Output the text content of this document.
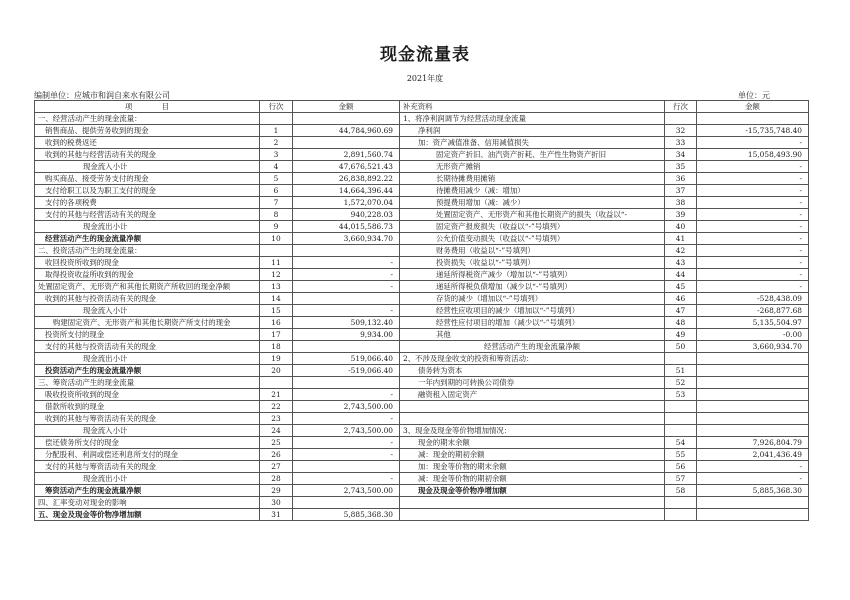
现金流量表
2021年度
编制单位：应城市和润自来水有限公司	单位：元
项　　　　目	行次	金额	补充资料	行次	金额
一、经营活动产生的现金流量：			1、将净利润调节为经营活动现金流量		
销售商品、提供劳务收到的现金	1	44,784,960.69	净利润	32	-15,735,748.40
收到的税费返还	2		加：资产减值准备、信用减值损失	33	-
收到的其他与经营活动有关的现金	3	2,891,560.74	固定资产折旧、油汽资产折耗、生产性生物资产折旧	34	15,058,493.90
现金流入小计	4	47,676,521.43	无形资产摊销	35	-
购买商品、接受劳务支付的现金	5	26,838,892.22	长期待摊费用摊销	36	-
支付给职工以及为职工支付的现金	6	14,664,396.44	待摊费用减少（减：增加）	37	-
支付的各项税费	7	1,572,070.04	预提费用增加（减：减少）	38	-
支付的其他与经营活动有关的现金	8	940,228.03	处置固定资产、无形资产和其他长期资产的损失（收益以“-	39	-
现金流出小计	9	44,015,586.73	固定资产报废损失（收益以“-”号填列）	40	-
经营活动产生的现金流量净额	10	3,660,934.70	公允价值变动损失（收益以“-”号填列）	41	-
二、投资活动产生的现金流量：			财务费用（收益以“-”号填列）	42	-
收回投资所收到的现金	11	-	投资损失（收益以“-”号填列）	43	-
取得投资收益所收到的现金	12	-	递延所得税资产减少（增加以“-”号填列）	44	-
处置固定资产、无形资产和其他长期资产所收回的现金净额	13	-	递延所得税负债增加（减少以“-”号填列）	45	-
收到的其他与投资活动有关的现金	14		存货的减少（增加以“-”号填列）	46	-528,438.09
现金流入小计	15	-	经营性应收项目的减少（增加以“-”号填列）	47	-268,877.68
购建固定资产、无形资产和其他长期资产所支付的现金	16	509,132.40	经营性应付项目的增加（减少以“-”号填列）	48	5,135,504.97
投资所支付的现金	17	9,934.00	其他	49	-0.00
支付的其他与投资活动有关的现金	18		经营活动产生的现金流量净额	50	3,660,934.70
现金流出小计	19	519,066.40	2、不涉及现金收支的投资和筹资活动：		
投资活动产生的现金流量净额	20	-519,066.40	债务转为资本	51	
三、筹资活动产生的现金流量			一年内到期的可转换公司债券	52	
吸收投资所收到的现金	21	-	融资租入固定资产	53	
借款所收到的现金	22	2,743,500.00			
收到的其他与筹资活动有关的现金	23	-			
现金流入小计	24	2,743,500.00	3、现金及现金等价物增加情况：		
偿还债务所支付的现金	25	-	现金的期末余额	54	7,926,804.79
分配股利、利润或偿还利息所支付的现金	26	-	减：现金的期初余额	55	2,041,436.49
支付的其他与筹资活动有关的现金	27		加：现金等价物的期末余额	56	-
现金流出小计	28	-	减：现金等价物的期初余额	57	-
筹资活动产生的现金流量净额	29	2,743,500.00	现金及现金等价物净增加额	58	5,885,368.30
四、汇率变动对现金的影响	30				
五、现金及现金等价物净增加额	31	5,885,368.30			
